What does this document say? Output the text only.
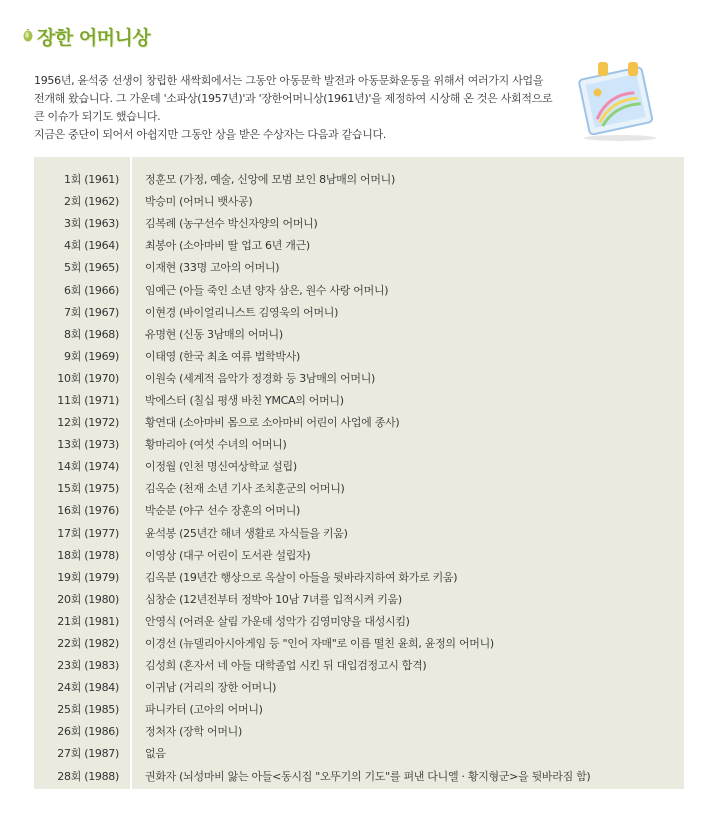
장한 어머니상

1956년, 윤석중 선생이 창립한 새싹회에서는 그동안 아동문학 발전과 아동문화운동을 위해서 여러가지 사업을

전개해 왔습니다. 그 가운데 '소파상(1957년)'과 '장한어머니상(1961년)'을 제정하여 시상해 온 것은 사회적으로

큰 이슈가 되기도 했습니다.

지금은 중단이 되어서 아쉽지만 그동안 상을 받은 수상자는 다음과 같습니다.

1회 (1961) 정훈모 (가정, 예술, 신앙에 모범 보인 8남매의 어머니)
2회 (1962) 박승미 (어머니 뱃사공)
3회 (1963) 김복례 (농구선수 박신자양의 어머니)
4회 (1964) 최봉아 (소아마비 딸 업고 6년 개근)
5회 (1965) 이재현 (33명 고아의 어머니)
6회 (1966) 임예근 (아들 죽인 소년 양자 삼은, 원수 사랑 어머니)
7회 (1967) 이현경 (바이얼리니스트 김영욱의 어머니)
8회 (1968) 유명현 (신동 3남매의 어머니)
9회 (1969) 이태영 (한국 최초 여류 법학박사)
10회 (1970) 이원숙 (세계적 음악가 정경화 등 3남매의 어머니)
11회 (1971) 박에스터 (칠십 평생 바친 YMCA의 어머니)
12회 (1972) 황연대 (소아마비 몸으로 소아마비 어린이 사업에 종사)
13회 (1973) 황마리아 (여섯 수녀의 어머니)
14회 (1974) 이정월 (인천 명신여상학교 설립)
15회 (1975) 김옥순 (천재 소년 기사 조치훈군의 어머니)
16회 (1976) 박순분 (야구 선수 장훈의 어머니)
17회 (1977) 윤석봉 (25년간 해녀 생활로 자식들을 키움)
18회 (1978) 이영상 (대구 어린이 도서관 설립자)
19회 (1979) 김옥분 (19년간 행상으로 옥살이 아들을 뒷바라지하여 화가로 키움)
20회 (1980) 심창순 (12년전부터 정박아 10남 7녀를 입적시켜 키움)
21회 (1981) 안영식 (어려운 살림 가운데 성악가 김영미양을 대성시킴)
22회 (1982) 이경선 (뉴델리아시아게임 등 "인어 자매"로 이름 떨친 윤희, 윤정의 어머니)
23회 (1983) 김성희 (혼자서 네 아들 대학졸업 시킨 뒤 대입검정고시 합격)
24회 (1984) 이귀남 (거리의 장한 어머니)
25회 (1985) 파니카터 (고아의 어머니)
26회 (1986) 정처자 (장학 어머니)
27회 (1987) 없음
28회 (1988) 권화자 (뇌성마비 앓는 아들<동시집 "오뚜기의 기도"를 펴낸 다니엘 · 황지형군>을 뒷바라짐 함)
